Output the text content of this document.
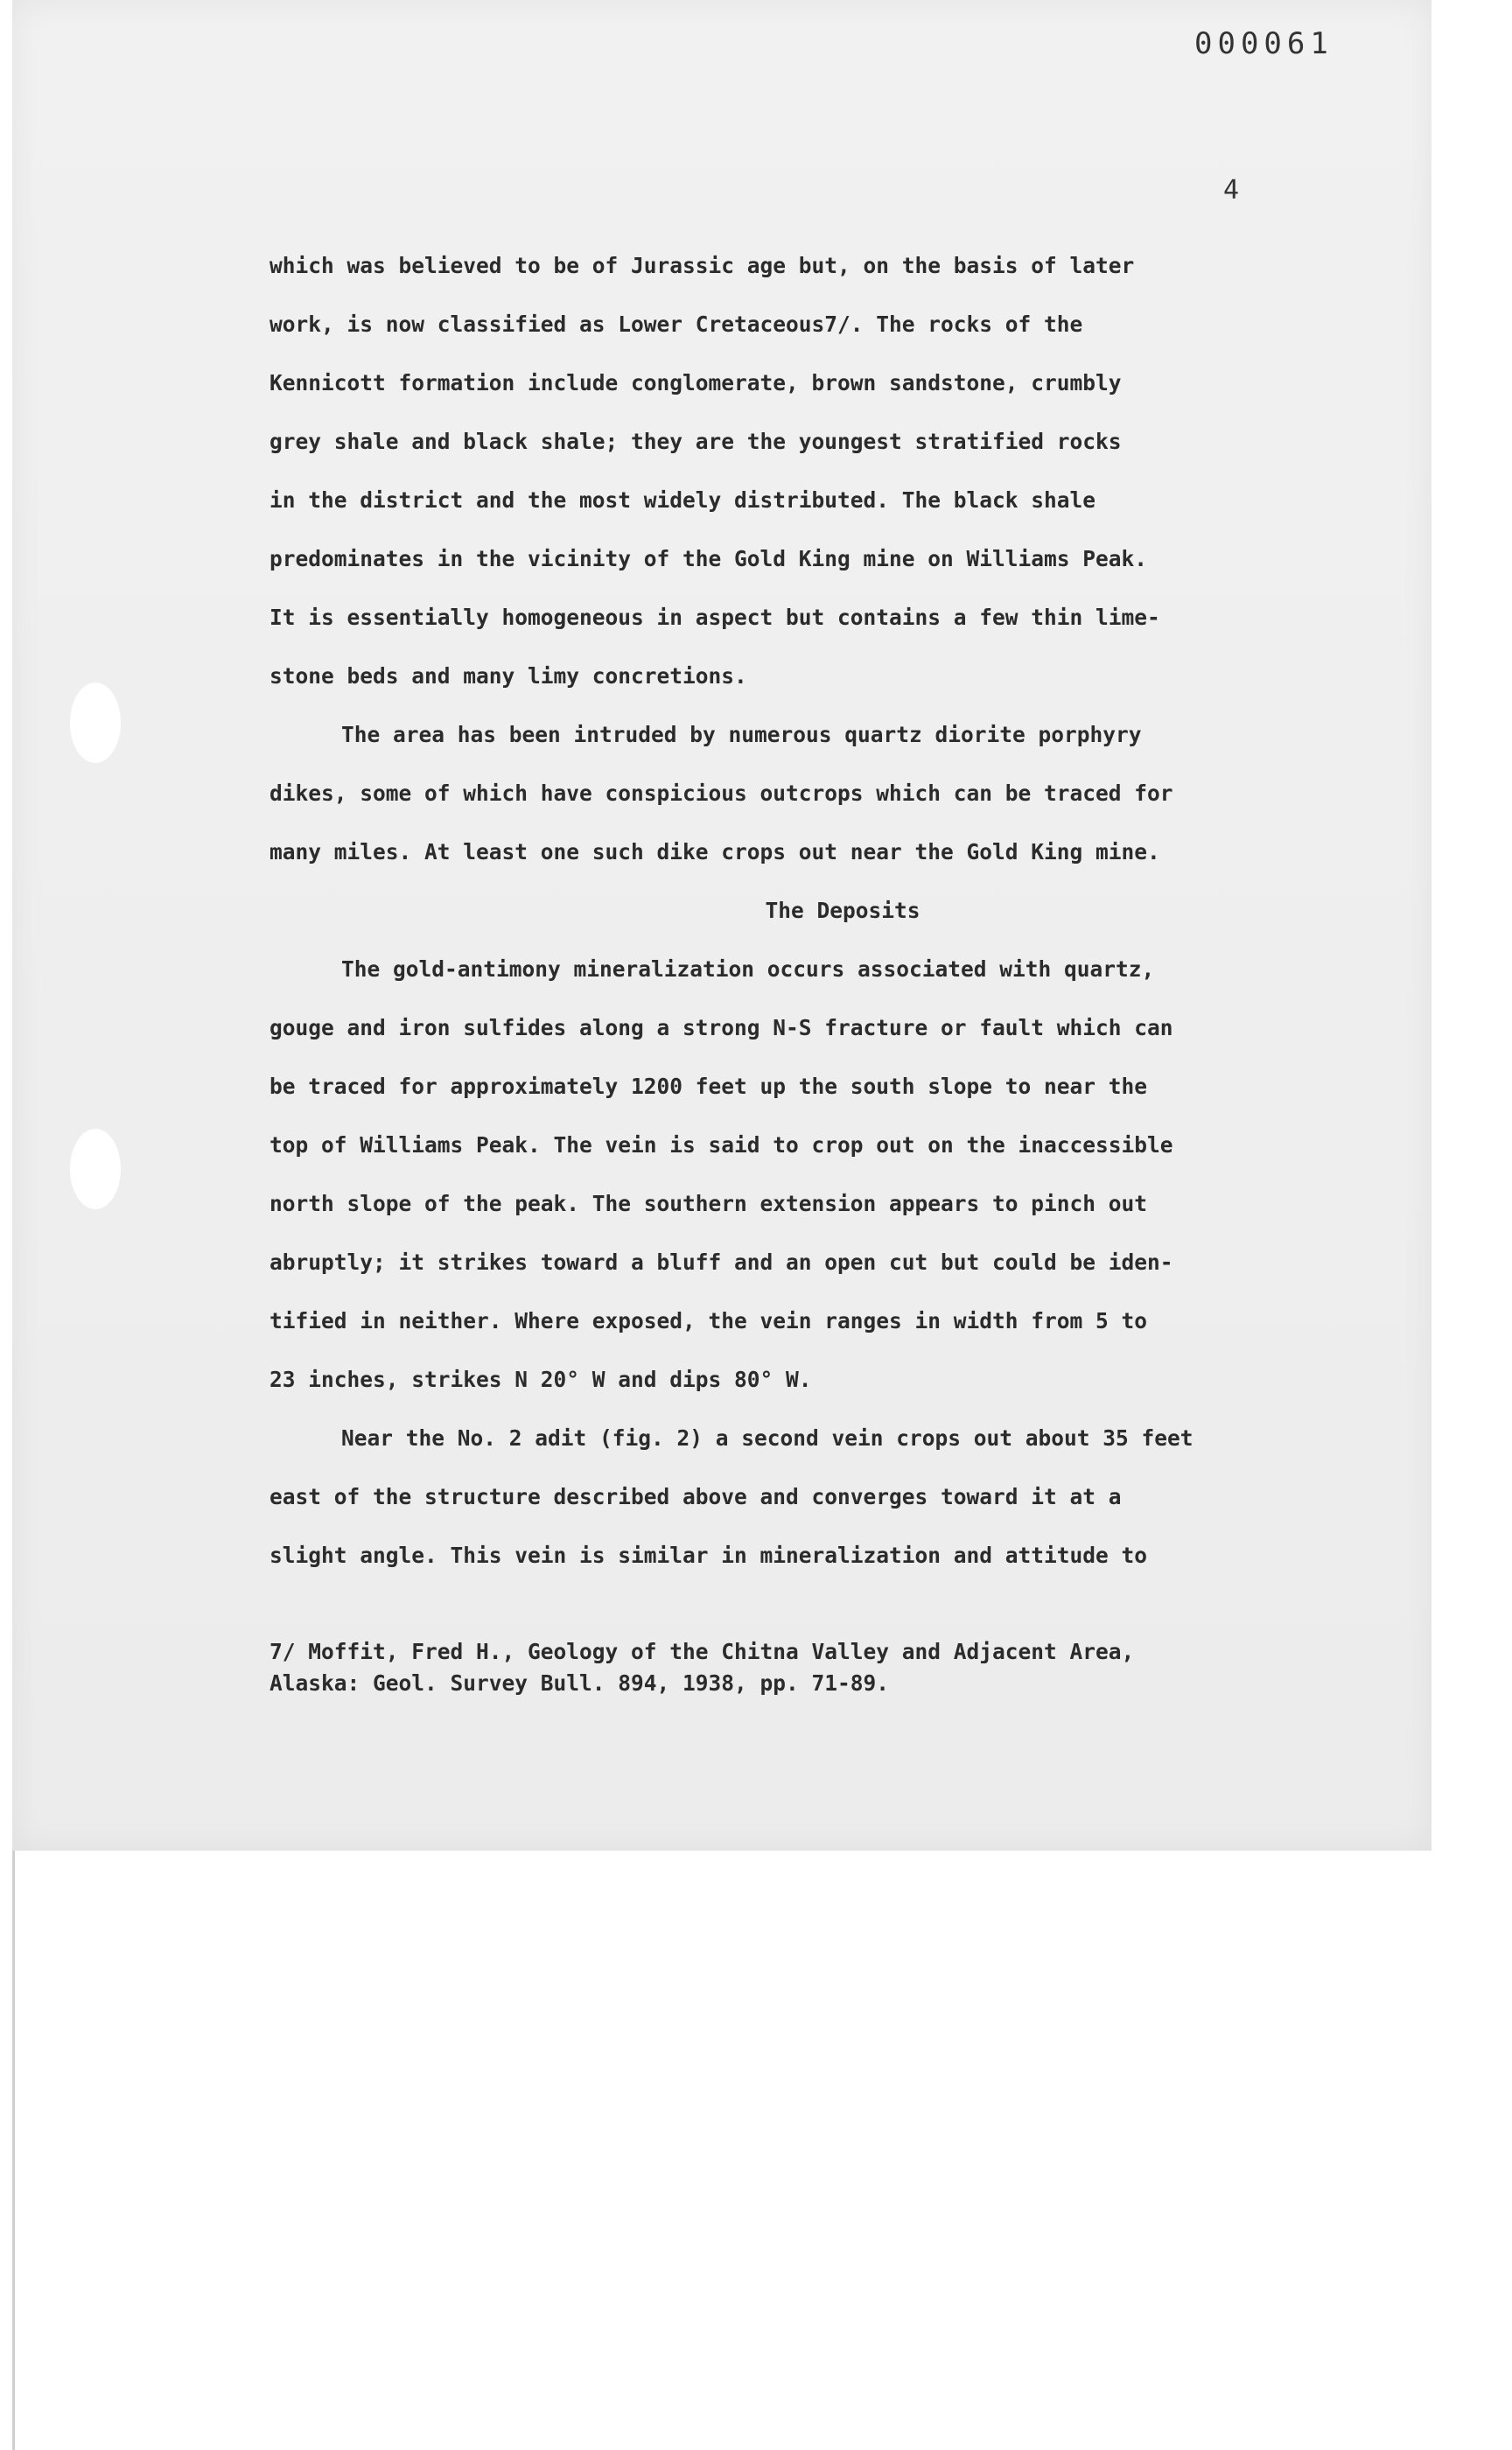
000061
4
which was believed to be of Jurassic age but, on the basis of later
work, is now classified as Lower Cretaceous7/. The rocks of the
Kennicott formation include conglomerate, brown sandstone, crumbly
grey shale and black shale; they are the youngest stratified rocks
in the district and the most widely distributed. The black shale
predominates in the vicinity of the Gold King mine on Williams Peak.
It is essentially homogeneous in aspect but contains a few thin lime-
stone beds and many limy concretions.
The area has been intruded by numerous quartz diorite porphyry
dikes, some of which have conspicious outcrops which can be traced for
many miles. At least one such dike crops out near the Gold King mine.
The Deposits
The gold-antimony mineralization occurs associated with quartz,
gouge and iron sulfides along a strong N-S fracture or fault which can
be traced for approximately 1200 feet up the south slope to near the
top of Williams Peak. The vein is said to crop out on the inaccessible
north slope of the peak. The southern extension appears to pinch out
abruptly; it strikes toward a bluff and an open cut but could be iden-
tified in neither. Where exposed, the vein ranges in width from 5 to
23 inches, strikes N 20° W and dips 80° W.
Near the No. 2 adit (fig. 2) a second vein crops out about 35 feet
east of the structure described above and converges toward it at a
slight angle. This vein is similar in mineralization and attitude to
7/ Moffit, Fred H., Geology of the Chitna Valley and Adjacent Area,
Alaska: Geol. Survey Bull. 894, 1938, pp. 71-89.
